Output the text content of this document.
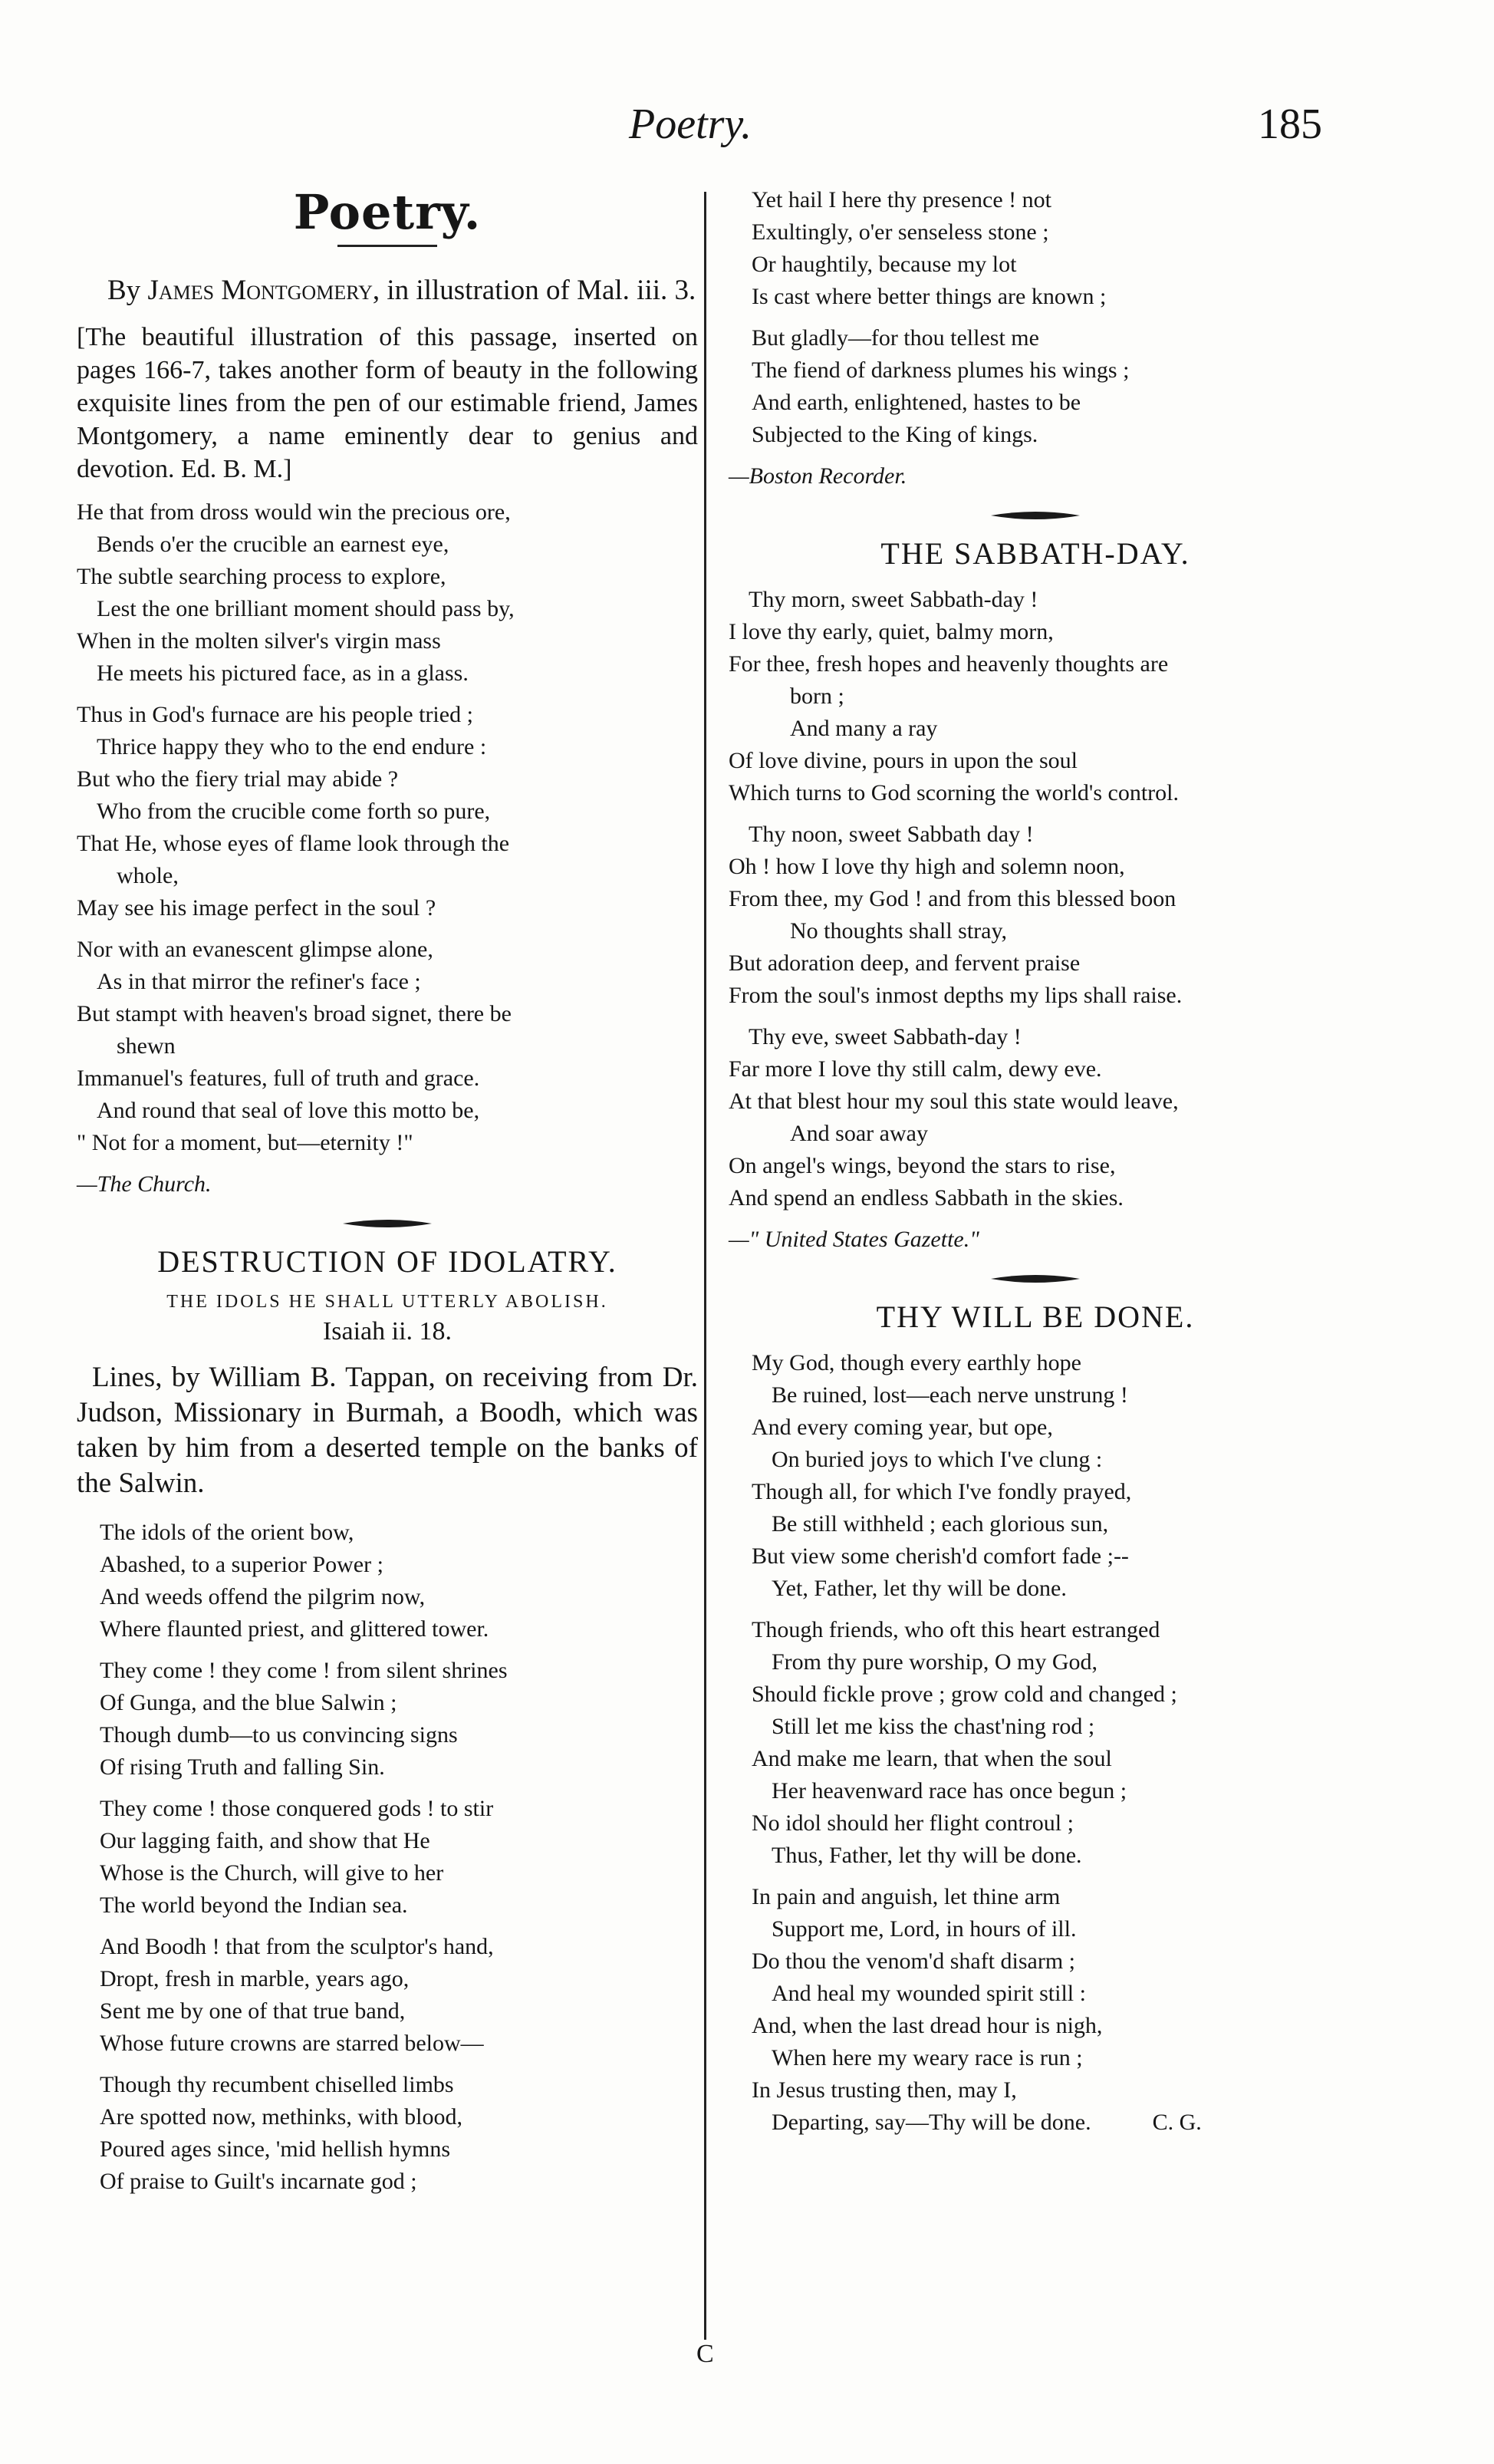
Poetry.	185
Poetry.

By James Montgomery, in illustration of Mal. iii. 3.

[The beautiful illustration of this passage, inserted on pages 166-7, takes another form of beauty in the following exquisite lines from the pen of our estimable friend, James Montgomery, a name eminently dear to genius and devotion. Ed. B. M.]

He that from dross would win the precious ore,
Bends o'er the crucible an earnest eye,
The subtle searching process to explore,
Lest the one brilliant moment should pass by,
When in the molten silver's virgin mass
He meets his pictured face, as in a glass.
Thus in God's furnace are his people tried ;
Thrice happy they who to the end endure :
But who the fiery trial may abide ?
Who from the crucible come forth so pure,
That He, whose eyes of flame look through the
whole,
May see his image perfect in the soul ?
Nor with an evanescent glimpse alone,
As in that mirror the refiner's face ;
But stampt with heaven's broad signet, there be
shewn
Immanuel's features, full of truth and grace.
And round that seal of love this motto be,
" Not for a moment, but—eternity !"
—The Church.
DESTRUCTION OF IDOLATRY.
THE IDOLS HE SHALL UTTERLY ABOLISH.
Isaiah ii. 18.

Lines, by William B. Tappan, on receiving from Dr. Judson, Missionary in Burmah, a Boodh, which was taken by him from a deserted temple on the banks of the Salwin.

The idols of the orient bow,
Abashed, to a superior Power ;
And weeds offend the pilgrim now,
Where flaunted priest, and glittered tower.
They come ! they come ! from silent shrines
Of Gunga, and the blue Salwin ;
Though dumb—to us convincing signs
Of rising Truth and falling Sin.
They come ! those conquered gods ! to stir
Our lagging faith, and show that He
Whose is the Church, will give to her
The world beyond the Indian sea.
And Boodh ! that from the sculptor's hand,
Dropt, fresh in marble, years ago,
Sent me by one of that true band,
Whose future crowns are starred below—
Though thy recumbent chiselled limbs
Are spotted now, methinks, with blood,
Poured ages since, 'mid hellish hymns
Of praise to Guilt's incarnate god ;
Yet hail I here thy presence ! not
Exultingly, o'er senseless stone ;
Or haughtily, because my lot
Is cast where better things are known ;
But gladly—for thou tellest me
The fiend of darkness plumes his wings ;
And earth, enlightened, hastes to be
Subjected to the King of kings.
—Boston Recorder.
THE SABBATH-DAY.
Thy morn, sweet Sabbath-day !
I love thy early, quiet, balmy morn,
For thee, fresh hopes and heavenly thoughts are
born ;
And many a ray
Of love divine, pours in upon the soul
Which turns to God scorning the world's control.
Thy noon, sweet Sabbath day !
Oh ! how I love thy high and solemn noon,
From thee, my God ! and from this blessed boon
No thoughts shall stray,
But adoration deep, and fervent praise
From the soul's inmost depths my lips shall raise.
Thy eve, sweet Sabbath-day !
Far more I love thy still calm, dewy eve.
At that blest hour my soul this state would leave,
And soar away
On angel's wings, beyond the stars to rise,
And spend an endless Sabbath in the skies.
—" United States Gazette."
THY WILL BE DONE.
My God, though every earthly hope
Be ruined, lost—each nerve unstrung !
And every coming year, but ope,
On buried joys to which I've clung :
Though all, for which I've fondly prayed,
Be still withheld ; each glorious sun,
But view some cherish'd comfort fade ;--
Yet, Father, let thy will be done.
Though friends, who oft this heart estranged
From thy pure worship, O my God,
Should fickle prove ; grow cold and changed ;
Still let me kiss the chast'ning rod ;
And make me learn, that when the soul
Her heavenward race has once begun ;
No idol should her flight controul ;
Thus, Father, let thy will be done.
In pain and anguish, let thine arm
Support me, Lord, in hours of ill.
Do thou the venom'd shaft disarm ;
And heal my wounded spirit still :
And, when the last dread hour is nigh,
When here my weary race is run ;
In Jesus trusting then, may I,
Departing, say—Thy will be done.	C. G.
C
